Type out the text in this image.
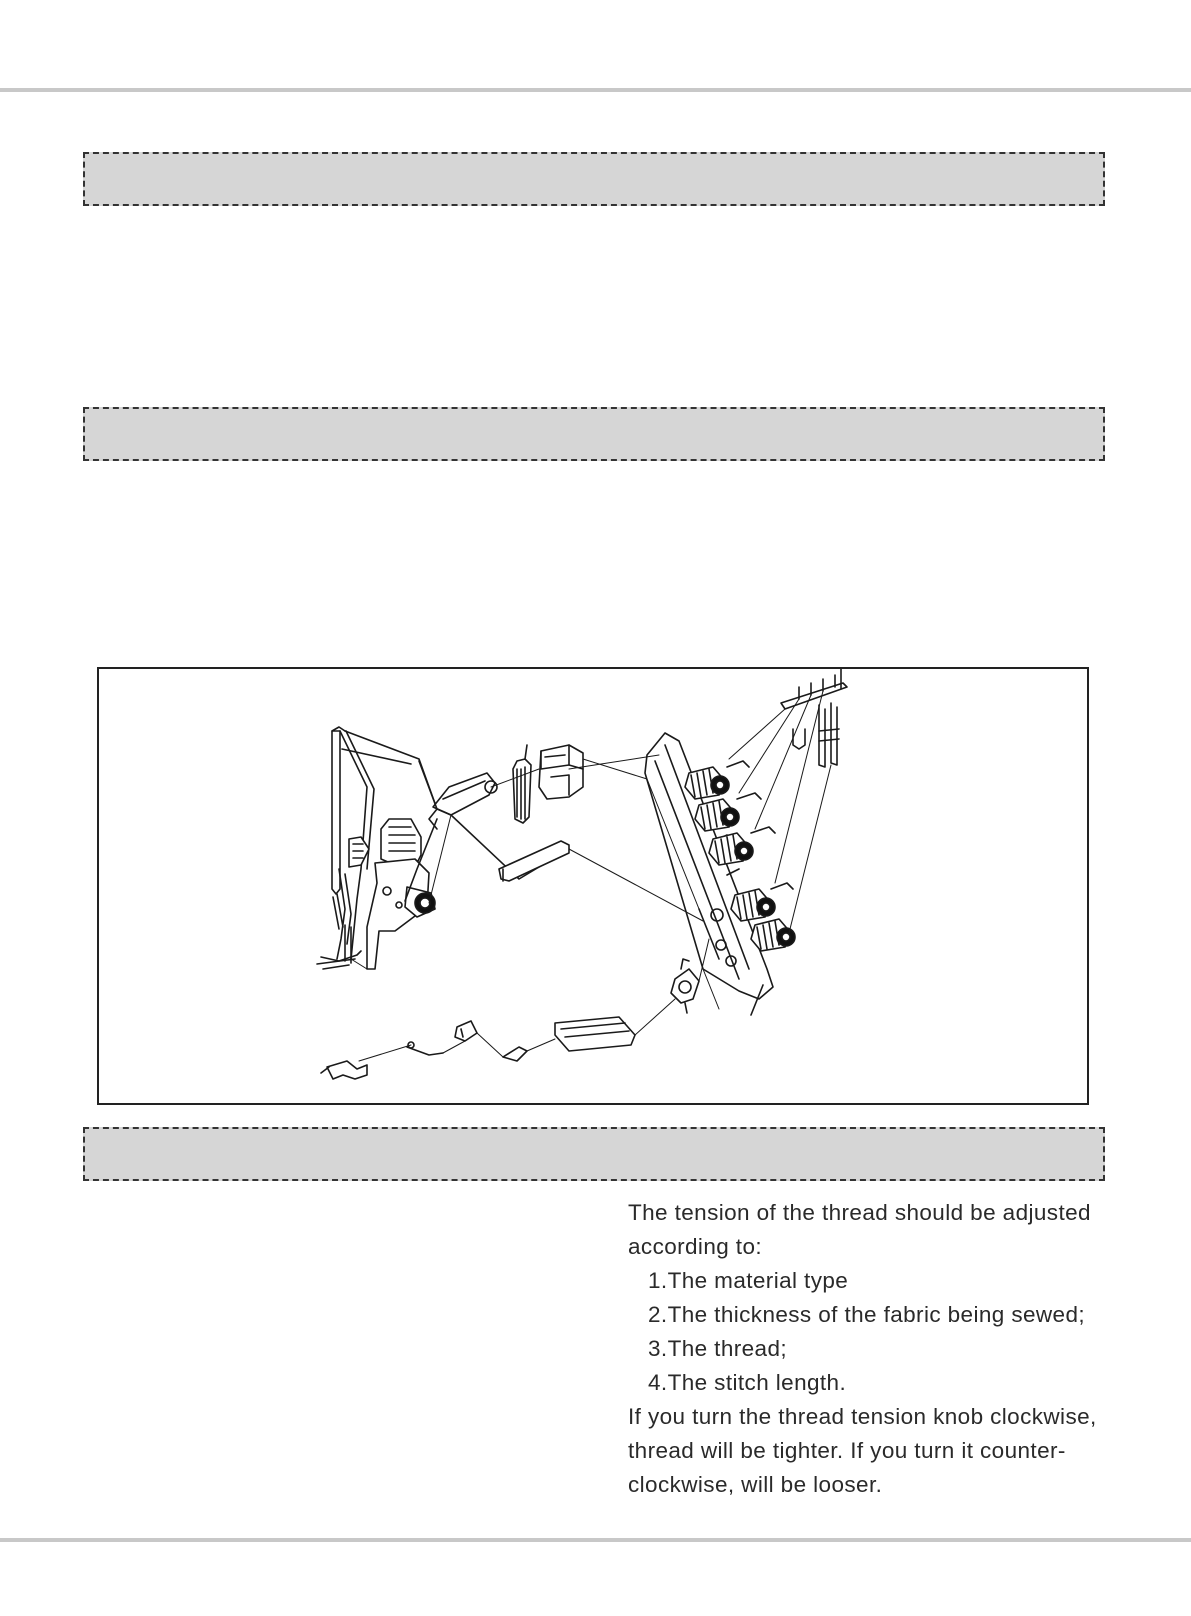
The tension of the thread should be adjusted

according to:

1.The material type

2.The thickness of the fabric being sewed;

3.The thread;

4.The stitch length.

If you turn the thread tension knob clockwise,

thread will be tighter. If you turn it counter-

clockwise, will be looser.
